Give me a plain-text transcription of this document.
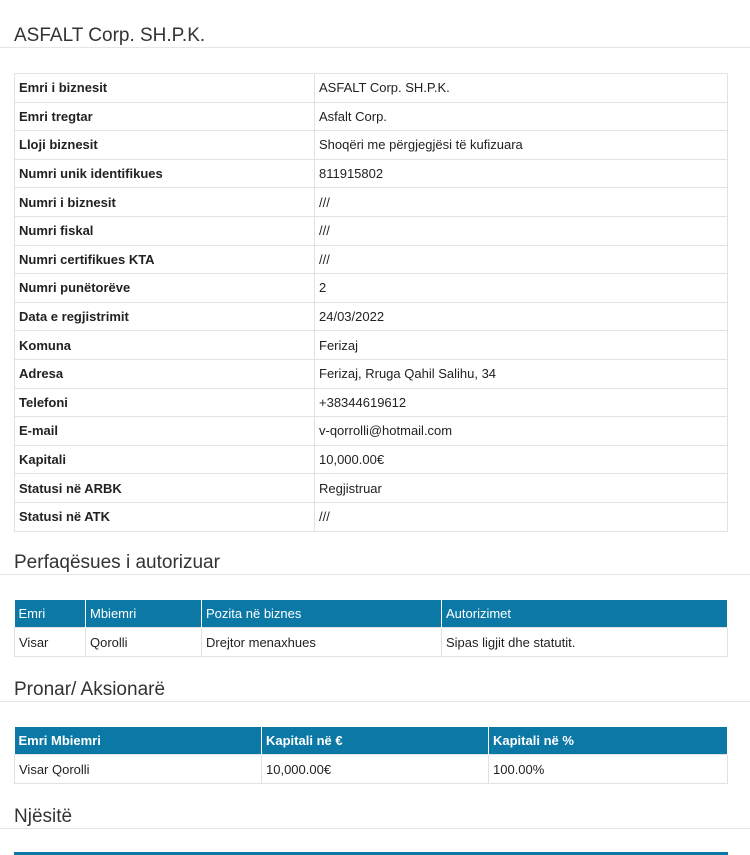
ASFALT Corp. SH.P.K.
Emri i biznesit	ASFALT Corp. SH.P.K.
Emri tregtar	Asfalt Corp.
Lloji biznesit	Shoqëri me përgjegjësi të kufizuara
Numri unik identifikues	811915802
Numri i biznesit	///
Numri fiskal	///
Numri certifikues KTA	///
Numri punëtorëve	2
Data e regjistrimit	24/03/2022
Komuna	Ferizaj
Adresa	Ferizaj, Rruga Qahil Salihu, 34
Telefoni	+38344619612
E-mail	v-qorrolli@hotmail.com
Kapitali	10,000.00€
Statusi në ARBK	Regjistruar
Statusi në ATK	///
Perfaqësues i autorizuar
Emri	Mbiemri	Pozita në biznes	Autorizimet
Visar	Qorolli	Drejtor menaxhues	Sipas ligjit dhe statutit.
Pronar/ Aksionarë
Emri Mbiemri	Kapitali në €	Kapitali në %
Visar Qorolli	10,000.00€	100.00%
Njësitë
